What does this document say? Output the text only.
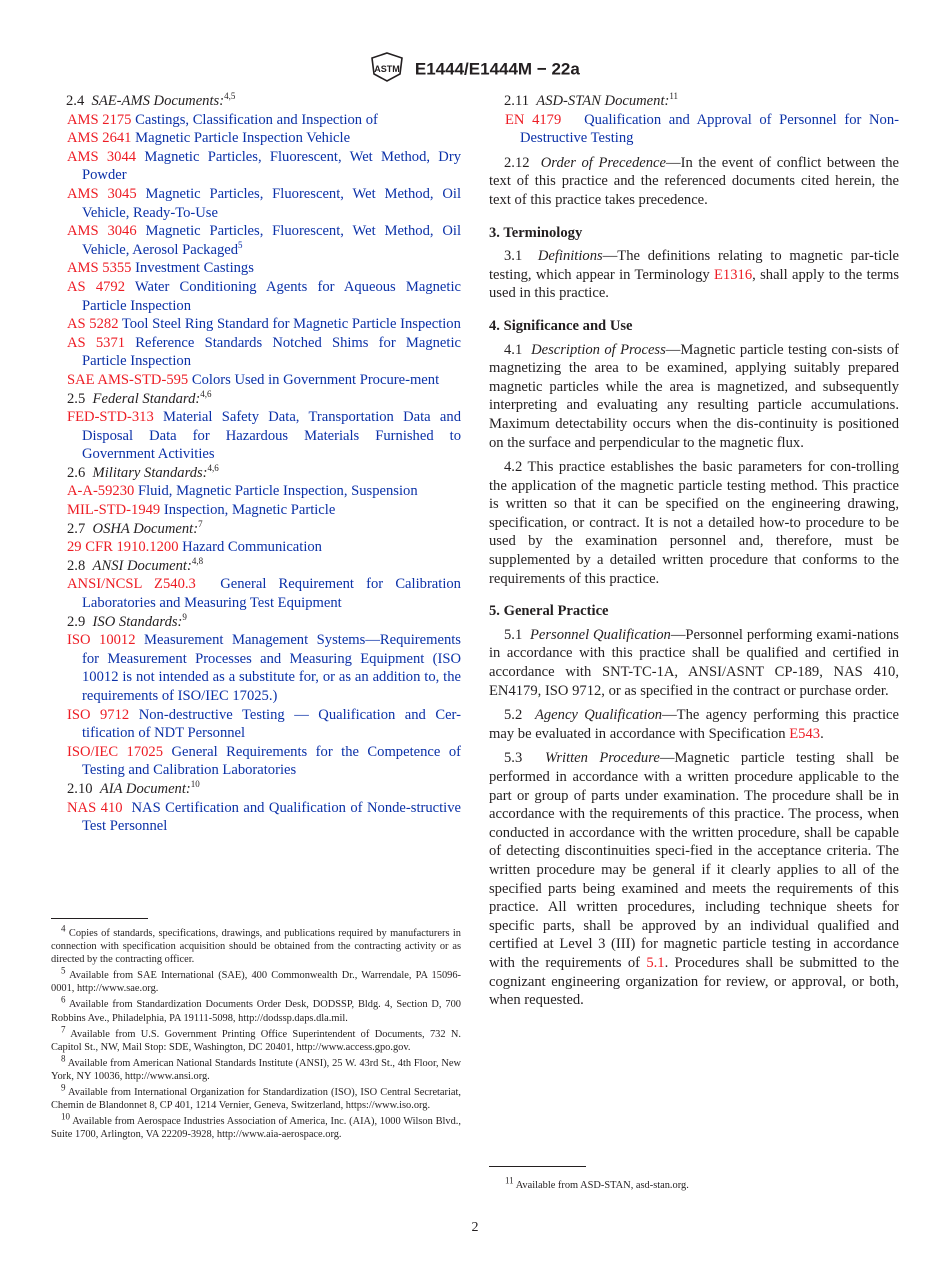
ASTM E1444/E1444M − 22a

2.4 SAE-AMS Documents:$^{4,5}$

AMS 2175 Castings, Classification and Inspection of

AMS 2641 Magnetic Particle Inspection Vehicle

AMS 3044 Magnetic Particles, Fluorescent, Wet Method, Dry Powder

AMS 3045 Magnetic Particles, Fluorescent, Wet Method, Oil Vehicle, Ready-To-Use

AMS 3046 Magnetic Particles, Fluorescent, Wet Method, Oil Vehicle, Aerosol Packaged$^5$

AMS 5355 Investment Castings

AS 4792 Water Conditioning Agents for Aqueous Magnetic Particle Inspection

AS 5282 Tool Steel Ring Standard for Magnetic Particle Inspection

AS 5371 Reference Standards Notched Shims for Magnetic Particle Inspection

SAE AMS-STD-595 Colors Used in Government Procure-ment

2.5 Federal Standard:$^{4,6}$

FED-STD-313 Material Safety Data, Transportation Data and Disposal Data for Hazardous Materials Furnished to Government Activities

2.6 Military Standards:$^{4,6}$

A-A-59230 Fluid, Magnetic Particle Inspection, Suspension

MIL-STD-1949 Inspection, Magnetic Particle

2.7 OSHA Document:$^7$

29 CFR 1910.1200 Hazard Communication

2.8 ANSI Document:$^{4,8}$

ANSI/NCSL Z540.3 General Requirement for Calibration Laboratories and Measuring Test Equipment

2.9 ISO Standards:$^9$

ISO 10012 Measurement Management Systems—Requirements for Measurement Processes and Measuring Equipment (ISO 10012 is not intended as a substitute for, or as an addition to, the requirements of ISO/IEC 17025.)

ISO 9712 Non-destructive Testing — Qualification and Cer-tification of NDT Personnel

ISO/IEC 17025 General Requirements for the Competence of Testing and Calibration Laboratories

2.10 AIA Document:$^{10}$

NAS 410 NAS Certification and Qualification of Nonde-structive Test Personnel

$^4$ Copies of standards, specifications, drawings, and publications required by manufacturers in connection with specification acquisition should be obtained from the contracting activity or as directed by the contracting officer.

$^5$ Available from SAE International (SAE), 400 Commonwealth Dr., Warrendale, PA 15096-0001, http://www.sae.org.

$^6$ Available from Standardization Documents Order Desk, DODSSP, Bldg. 4, Section D, 700 Robbins Ave., Philadelphia, PA 19111-5098, http://dodssp.daps.dla.mil.

$^7$ Available from U.S. Government Printing Office Superintendent of Documents, 732 N. Capitol St., NW, Mail Stop: SDE, Washington, DC 20401, http://www.access.gpo.gov.

$^8$ Available from American National Standards Institute (ANSI), 25 W. 43rd St., 4th Floor, New York, NY 10036, http://www.ansi.org.

$^9$ Available from International Organization for Standardization (ISO), ISO Central Secretariat, Chemin de Blandonnet 8, CP 401, 1214 Vernier, Geneva, Switzerland, https://www.iso.org.

$^{10}$ Available from Aerospace Industries Association of America, Inc. (AIA), 1000 Wilson Blvd., Suite 1700, Arlington, VA 22209-3928, http://www.aia-aerospace.org.

2.11 ASD-STAN Document:$^{11}$

EN 4179 Qualification and Approval of Personnel for Non-Destructive Testing

2.12 Order of Precedence—In the event of conflict between the text of this practice and the referenced documents cited herein, the text of this practice takes precedence.

3. Terminology

3.1 Definitions—The definitions relating to magnetic par-ticle testing, which appear in Terminology E1316, shall apply to the terms used in this practice.

4. Significance and Use

4.1 Description of Process—Magnetic particle testing con-sists of magnetizing the area to be examined, applying suitably prepared magnetic particles while the area is magnetized, and subsequently interpreting and evaluating any resulting particle accumulations. Maximum detectability occurs when the dis-continuity is positioned on the surface and perpendicular to the magnetic flux.

4.2 This practice establishes the basic parameters for con-trolling the application of the magnetic particle testing method. This practice is written so that it can be specified on the engineering drawing, specification, or contract. It is not a detailed how-to procedure to be used by the examination personnel and, therefore, must be supplemented by a detailed written procedure that conforms to the requirements of this practice.

5. General Practice

5.1 Personnel Qualification—Personnel performing exami-nations in accordance with this practice shall be qualified and certified in accordance with SNT-TC-1A, ANSI/ASNT CP-189, NAS 410, EN4179, ISO 9712, or as specified in the contract or purchase order.

5.2 Agency Qualification—The agency performing this practice may be evaluated in accordance with Specification E543.

5.3 Written Procedure—Magnetic particle testing shall be performed in accordance with a written procedure applicable to the part or group of parts under examination. The procedure shall be in accordance with the requirements of this practice. The process, when conducted in accordance with the written procedure, shall be capable of detecting discontinuities speci-fied in the acceptance criteria. The written procedure may be general if it clearly applies to all of the specified parts being examined and meets the requirements of this practice. All written procedures, including technique sheets for specific parts, shall be approved by an individual qualified and certified at Level 3 (III) for magnetic particle testing in accordance with the requirements of 5.1. Procedures shall be submitted to the cognizant engineering organization for review, or approval, or both, when requested.

$^{11}$ Available from ASD-STAN, asd-stan.org.
2
